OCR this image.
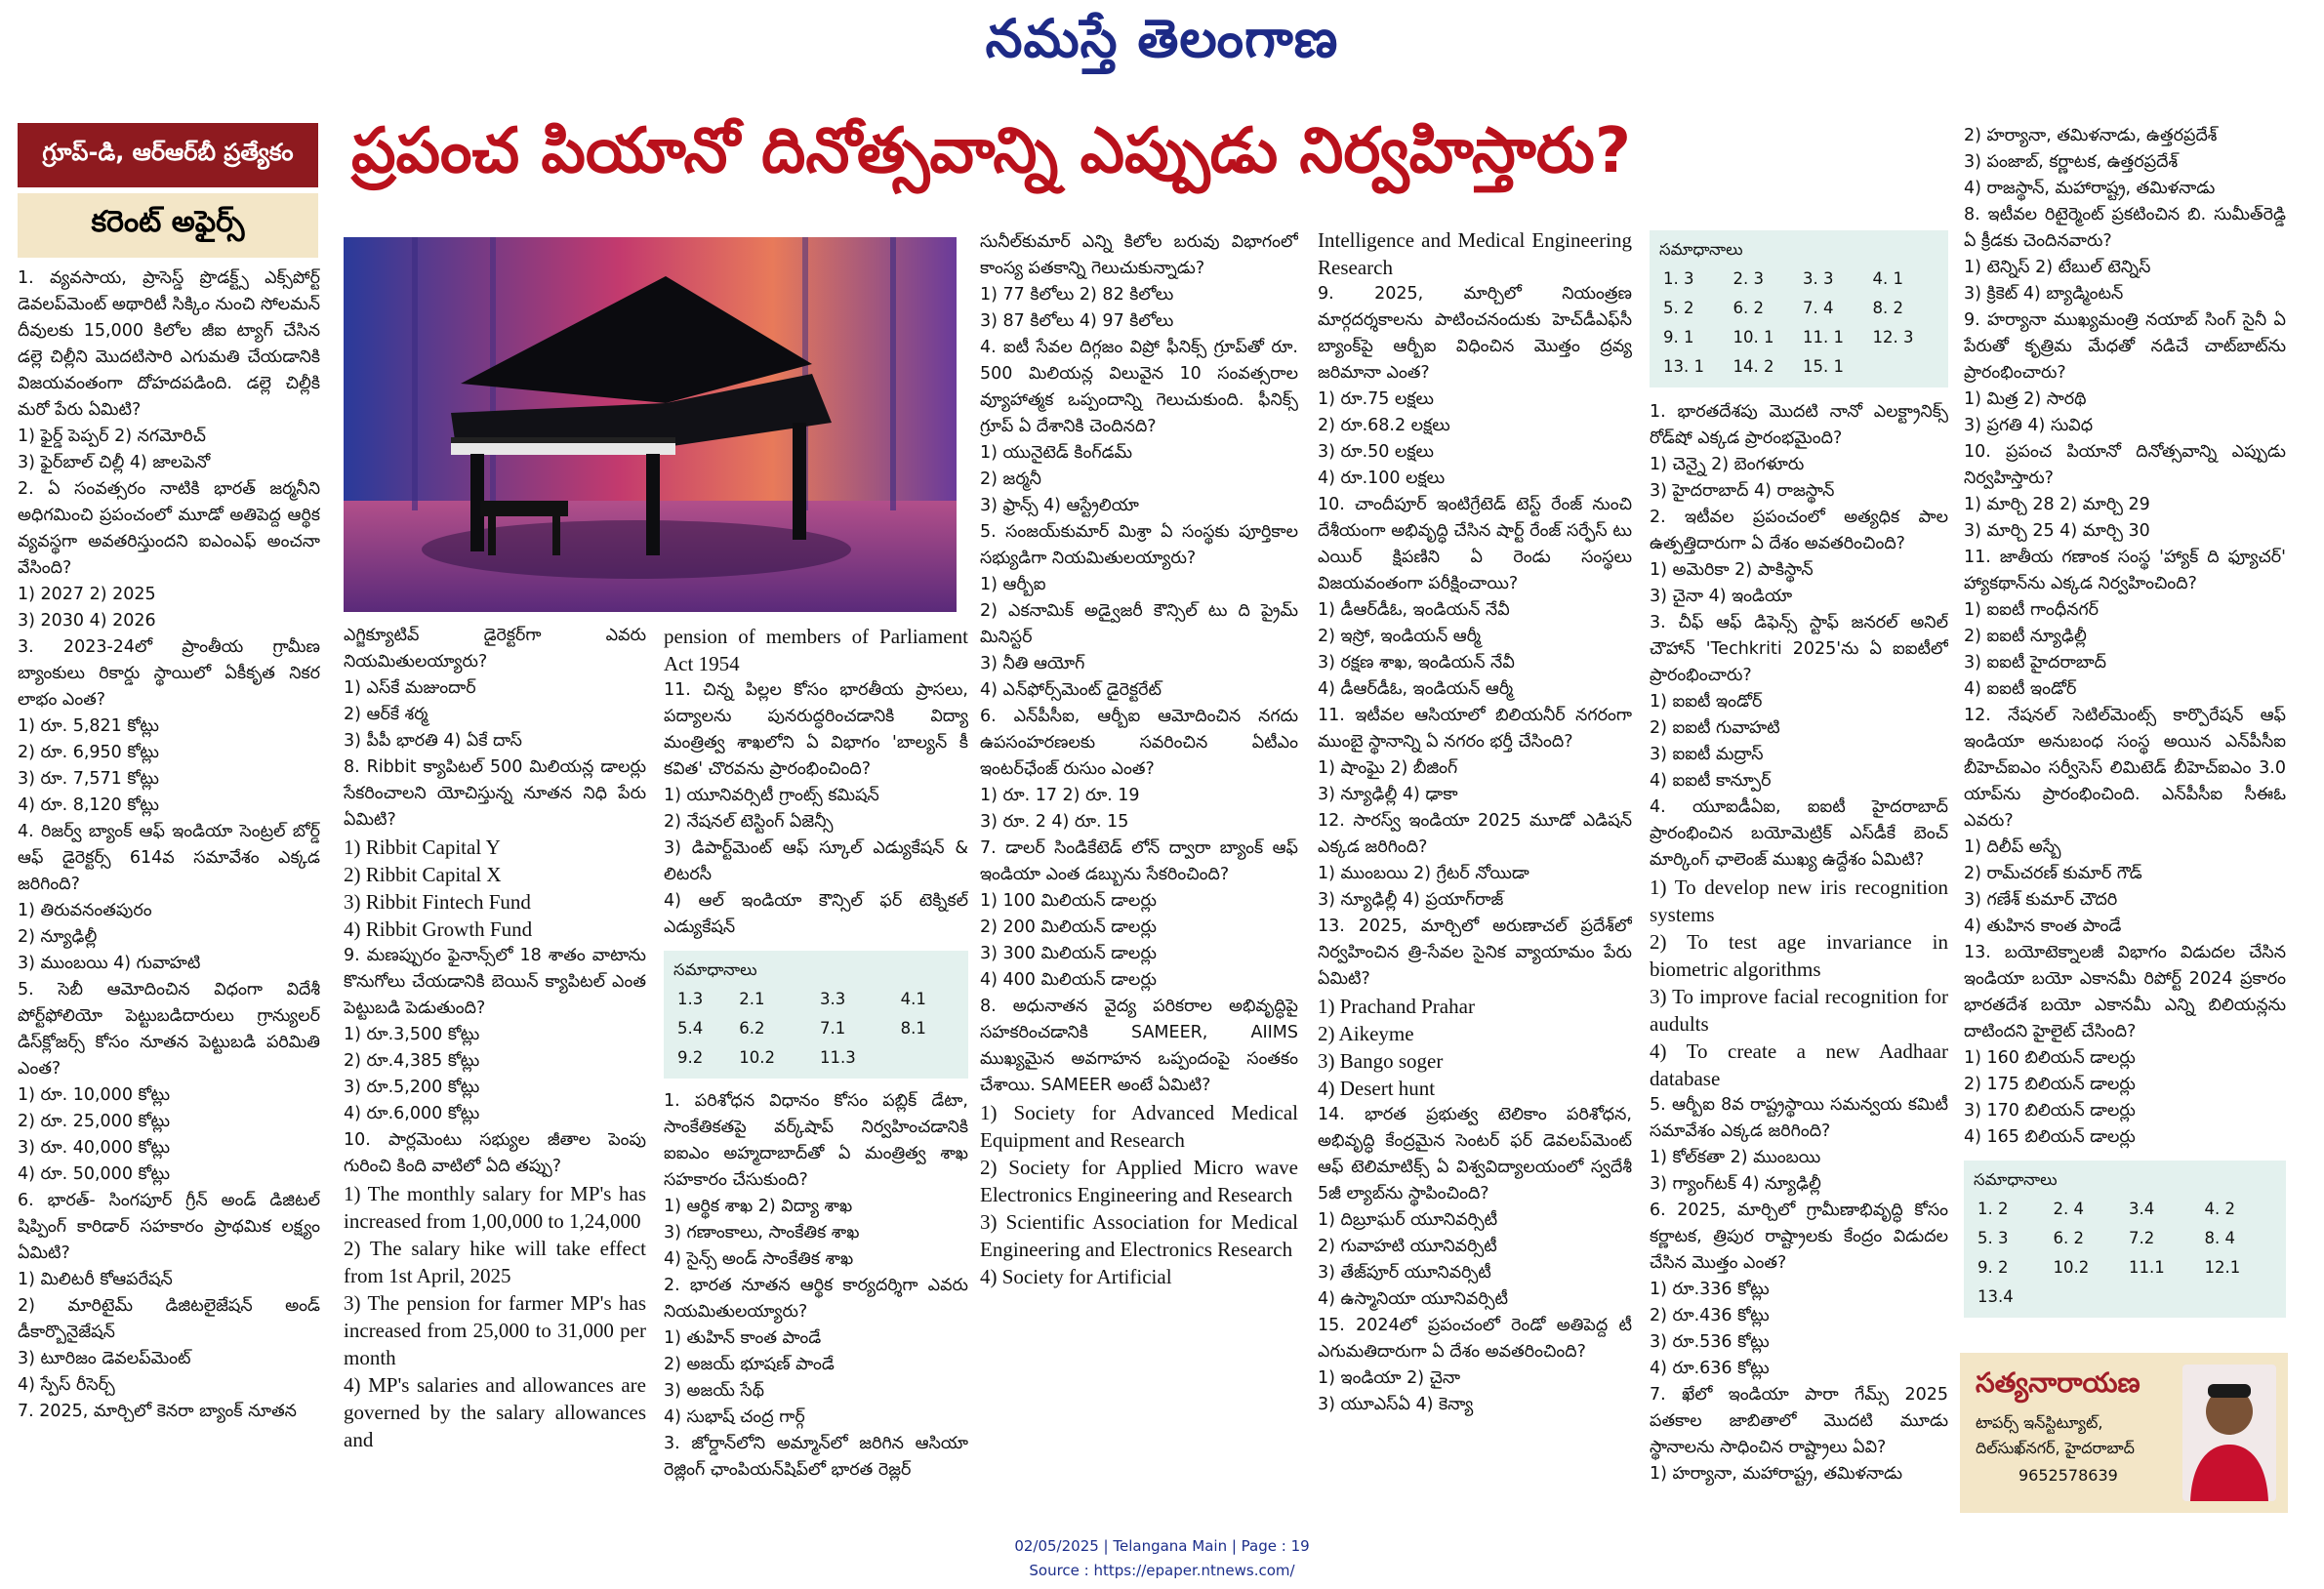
నమస్తే తెలంగాణ
ప్రపంచ పియానో దినోత్సవాన్ని ఎప్పుడు నిర్వహిస్తారు?
గ్రూప్-డి, ఆర్ఆర్‌బీ ప్రత్యేకం
కరెంట్ అఫైర్స్

1. వ్యవసాయ, ప్రాసెస్డ్ ప్రొడక్ట్స్ ఎక్స్‌పోర్ట్ డెవలప్‌మెంట్ అథారిటీ సిక్కిం నుంచి సోలమన్ దీవులకు 15,000 కిలోల జీఐ ట్యాగ్ చేసిన డల్లె చిల్లీని మొదటిసారి ఎగుమతి చేయడానికి విజయవంతంగా దోహదపడింది. డల్లె చిల్లీకి మరో పేరు ఏమిటి?

1) ఫైర్డ్ పెప్పర్ 2) నగమోరిచ్

3) ఫైర్‌బాల్ చిల్లీ 4) జాలపెనో

2. ఏ సంవత్సరం నాటికి భారత్ జర్మనీని అధిగమించి ప్రపంచంలో మూడో అతిపెద్ద ఆర్థిక వ్యవస్థగా అవతరిస్తుందని ఐఎంఎఫ్ అంచనా వేసింది?

1) 2027 2) 2025

3) 2030 4) 2026

3. 2023-24లో ప్రాంతీయ గ్రామీణ బ్యాంకులు రికార్డు స్థాయిలో ఏకీకృత నికర లాభం ఎంత?

1) రూ. 5,821 కోట్లు

2) రూ. 6,950 కోట్లు

3) రూ. 7,571 కోట్లు

4) రూ. 8,120 కోట్లు

4. రిజర్వ్ బ్యాంక్ ఆఫ్ ఇండియా సెంట్రల్ బోర్డ్ ఆఫ్ డైరెక్టర్స్ 614వ సమావేశం ఎక్కడ జరిగింది?

1) తిరువనంతపురం

2) న్యూఢిల్లీ

3) ముంబయి 4) గువాహటి

5. సెబీ ఆమోదించిన విధంగా విదేశీ పోర్ట్‌ఫోలియో పెట్టుబడిదారులు గ్రాన్యులర్ డిస్‌క్లోజర్స్ కోసం నూతన పెట్టుబడి పరిమితి ఎంత?

1) రూ. 10,000 కోట్లు

2) రూ. 25,000 కోట్లు

3) రూ. 40,000 కోట్లు

4) రూ. 50,000 కోట్లు

6. భారత్- సింగపూర్ గ్రీన్ అండ్ డిజిటల్ షిప్పింగ్ కారిడార్ సహకారం ప్రాథమిక లక్ష్యం ఏమిటి?

1) మిలిటరీ కోఆపరేషన్

2) మారిటైమ్ డిజిటలైజేషన్ అండ్ డీకార్బొనైజేషన్

3) టూరిజం డెవలప్‌మెంట్

4) స్పేస్ రీసెర్చ్

7. 2025, మార్చిలో కెనరా బ్యాంక్ నూతన

ఎగ్జిక్యూటివ్ డైరెక్టర్‌గా ఎవరు నియమితులయ్యారు?

1) ఎస్‌కే మజుందార్

2) ఆర్‌కే శర్మ

3) పీపీ భారతి 4) ఏకే దాస్

8. Ribbit క్యాపిటల్ 500 మిలియన్ల డాలర్లు సేకరించాలని యోచిస్తున్న నూతన నిధి పేరు ఏమిటి?

1) Ribbit Capital Y

2) Ribbit Capital X

3) Ribbit Fintech Fund

4) Ribbit Growth Fund

9. మణప్పురం ఫైనాన్స్‌లో 18 శాతం వాటాను కొనుగోలు చేయడానికి బెయిన్ క్యాపిటల్ ఎంత పెట్టుబడి పెడుతుంది?

1) రూ.3,500 కోట్లు

2) రూ.4,385 కోట్లు

3) రూ.5,200 కోట్లు

4) రూ.6,000 కోట్లు

10. పార్లమెంటు సభ్యుల జీతాల పెంపు గురించి కింది వాటిలో ఏది తప్పు?

1) The monthly salary for MP's has increased from 1,00,000 to 1,24,000

2) The salary hike will take effect from 1st April, 2025

3) The pension for farmer MP's has increased from 25,000 to 31,000 per month

4) MP's salaries and allowances are governed by the salary allowances and

pension of members of Parliament Act 1954

11. చిన్న పిల్లల కోసం భారతీయ ప్రాసలు, పద్యాలను పునరుద్ధరించడానికి విద్యా మంత్రిత్వ శాఖలోని ఏ విభాగం 'బాల్యన్ కీ కవిత' చొరవను ప్రారంభించింది?

1) యూనివర్సిటీ గ్రాంట్స్ కమిషన్

2) నేషనల్ టెస్టింగ్ ఏజెన్సీ

3) డిపార్ట్‌మెంట్ ఆఫ్ స్కూల్ ఎడ్యుకేషన్ & లిటరసీ

4) ఆల్ ఇండియా కౌన్సిల్ ఫర్ టెక్నికల్ ఎడ్యుకేషన్

సమాధానాలు
1.3	2.1	3.3	4.1
5.4	6.2	7.1	8.1
9.2	10.2	11.3	

1. పరిశోధన విధానం కోసం పబ్లిక్ డేటా, సాంకేతికతపై వర్క్‌షాప్ నిర్వహించడానికి ఐఐఎం అహ్మదాబాద్‌తో ఏ మంత్రిత్వ శాఖ సహకారం చేసుకుంది?

1) ఆర్థిక శాఖ 2) విద్యా శాఖ

3) గణాంకాలు, సాంకేతిక శాఖ

4) సైన్స్ అండ్ సాంకేతిక శాఖ

2. భారత నూతన ఆర్థిక కార్యదర్శిగా ఎవరు నియమితులయ్యారు?

1) తుహిన్ కాంత పాండే

2) అజయ్ భూషణ్ పాండే

3) అజయ్ సేథ్

4) సుభాష్ చంద్ర గార్గ్

3. జోర్డాన్‌లోని అమ్మాన్‌లో జరిగిన ఆసియా రెజ్లింగ్ ఛాంపియన్‌షిప్‌లో భారత రెజ్లర్

సునీల్‌కుమార్ ఎన్ని కిలోల బరువు విభాగంలో కాంస్య పతకాన్ని గెలుచుకున్నాడు?

1) 77 కిలోలు 2) 82 కిలోలు

3) 87 కిలోలు 4) 97 కిలోలు

4. ఐటీ సేవల దిగ్గజం విప్రో ఫీనిక్స్ గ్రూప్‌తో రూ. 500 మిలియన్ల విలువైన 10 సంవత్సరాల వ్యూహాత్మక ఒప్పందాన్ని గెలుచుకుంది. ఫీనిక్స్ గ్రూప్ ఏ దేశానికి చెందినది?

1) యునైటెడ్ కింగ్‌డమ్

2) జర్మనీ

3) ఫ్రాన్స్ 4) ఆస్ట్రేలియా

5. సంజయ్‌కుమార్ మిశ్రా ఏ సంస్థకు పూర్తికాల సభ్యుడిగా నియమితులయ్యారు?

1) ఆర్బీఐ

2) ఎకనామిక్ అడ్వైజరీ కౌన్సిల్ టు ది ప్రైమ్ మినిస్టర్

3) నీతి ఆయోగ్

4) ఎన్‌ఫోర్స్‌మెంట్ డైరెక్టరేట్

6. ఎన్‌పీసీఐ, ఆర్బీఐ ఆమోదించిన నగదు ఉపసంహరణలకు సవరించిన ఏటీఎం ఇంటర్‌ఛేంజ్ రుసుం ఎంత?

1) రూ. 17 2) రూ. 19

3) రూ. 2 4) రూ. 15

7. డాలర్ సిండికేటెడ్ లోన్ ద్వారా బ్యాంక్ ఆఫ్ ఇండియా ఎంత డబ్బును సేకరించింది?

1) 100 మిలియన్ డాలర్లు

2) 200 మిలియన్ డాలర్లు

3) 300 మిలియన్ డాలర్లు

4) 400 మిలియన్ డాలర్లు

8. అధునాతన వైద్య పరికరాల అభివృద్ధిపై సహకరించడానికి SAMEER, AIIMS ముఖ్యమైన అవగాహన ఒప్పందంపై సంతకం చేశాయి. SAMEER అంటే ఏమిటి?

1) Society for Advanced Medical Equipment and Research

2) Society for Applied Micro wave Electronics Engineering and Research

3) Scientific Association for Medical Engineering and Electronics Research

4) Society for Artificial

Intelligence and Medical Engineering Research

9. 2025, మార్చిలో నియంత్రణ మార్గదర్శకాలను పాటించనందుకు హెచ్‌డీఎఫ్‌సీ బ్యాంక్‌పై ఆర్బీఐ విధించిన మొత్తం ద్రవ్య జరిమానా ఎంత?

1) రూ.75 లక్షలు

2) రూ.68.2 లక్షలు

3) రూ.50 లక్షలు

4) రూ.100 లక్షలు

10. చాందీపూర్ ఇంటిగ్రేటెడ్ టెస్ట్ రేంజ్ నుంచి దేశీయంగా అభివృద్ధి చేసిన షార్ట్ రేంజ్ సర్ఫేస్ టు ఎయిర్ క్షిపణిని ఏ రెండు సంస్థలు విజయవంతంగా పరీక్షించాయి?

1) డీఆర్‌డీఓ, ఇండియన్ నేవీ

2) ఇస్రో, ఇండియన్ ఆర్మీ

3) రక్షణ శాఖ, ఇండియన్ నేవీ

4) డీఆర్‌డీఓ, ఇండియన్ ఆర్మీ

11. ఇటీవల ఆసియాలో బిలియనీర్ నగరంగా ముంబై స్థానాన్ని ఏ నగరం భర్తీ చేసింది?

1) షాంఘై 2) బీజింగ్

3) న్యూఢిల్లీ 4) ఢాకా

12. సారస్వ్ ఇండియా 2025 మూడో ఎడిషన్ ఎక్కడ జరిగింది?

1) ముంబయి 2) గ్రేటర్ నోయిడా

3) న్యూఢిల్లీ 4) ప్రయాగ్‌రాజ్

13. 2025, మార్చిలో అరుణాచల్ ప్రదేశ్‌లో నిర్వహించిన త్రి-సేవల సైనిక వ్యాయామం పేరు ఏమిటి?

1) Prachand Prahar

2) Aikeyme

3) Bango soger

4) Desert hunt

14. భారత ప్రభుత్వ టెలికాం పరిశోధన, అభివృద్ధి కేంద్రమైన సెంటర్ ఫర్ డెవలప్‌మెంట్ ఆఫ్ టెలిమాటిక్స్ ఏ విశ్వవిద్యాలయంలో స్వదేశీ 5జీ ల్యాబ్‌ను స్థాపించింది?

1) దిబ్రూఘర్ యూనివర్సిటీ

2) గువాహటి యూనివర్సిటీ

3) తేజ్‌పూర్ యూనివర్సిటీ

4) ఉస్మానియా యూనివర్సిటీ

15. 2024లో ప్రపంచంలో రెండో అతిపెద్ద టీ ఎగుమతిదారుగా ఏ దేశం అవతరించింది?

1) ఇండియా 2) చైనా

3) యూఎస్ఏ 4) కెన్యా

సమాధానాలు
1. 3	2. 3	3. 3	4. 1
5. 2	6. 2	7. 4	8. 2
9. 1	10. 1	11. 1	12. 3
13. 1	14. 2	15. 1	

1. భారతదేశపు మొదటి నానో ఎలక్ట్రానిక్స్ రోడ్‌షో ఎక్కడ ప్రారంభమైంది?

1) చెన్నై 2) బెంగళూరు

3) హైదరాబాద్ 4) రాజస్థాన్

2. ఇటీవల ప్రపంచంలో అత్యధిక పాల ఉత్పత్తిదారుగా ఏ దేశం అవతరించింది?

1) అమెరికా 2) పాకిస్థాన్

3) చైనా 4) ఇండియా

3. చీఫ్ ఆఫ్ డిఫెన్స్ స్టాఫ్ జనరల్ అనిల్ చౌహాన్ 'Techkriti 2025'ను ఏ ఐఐటీలో ప్రారంభించారు?

1) ఐఐటీ ఇండోర్

2) ఐఐటీ గువాహటి

3) ఐఐటీ మద్రాస్

4) ఐఐటీ కాన్పూర్

4. యూఐడీఏఐ, ఐఐటీ హైదరాబాద్ ప్రారంభించిన బయోమెట్రిక్ ఎస్‌డీకే బెంచ్ మార్కింగ్ ఛాలెంజ్ ముఖ్య ఉద్దేశం ఏమిటి?

1) To develop new iris recognition systems

2) To test age invariance in biometric algorithms

3) To improve facial recognition for audults

4) To create a new Aadhaar database

5. ఆర్బీఐ 8వ రాష్ట్రస్థాయి సమన్వయ కమిటీ సమావేశం ఎక్కడ జరిగింది?

1) కోల్‌కతా 2) ముంబయి

3) గ్యాంగ్‌టక్ 4) న్యూఢిల్లీ

6. 2025, మార్చిలో గ్రామీణాభివృద్ధి కోసం కర్ణాటక, త్రిపుర రాష్ట్రాలకు కేంద్రం విడుదల చేసిన మొత్తం ఎంత?

1) రూ.336 కోట్లు

2) రూ.436 కోట్లు

3) రూ.536 కోట్లు

4) రూ.636 కోట్లు

7. ఖేలో ఇండియా పారా గేమ్స్ 2025 పతకాల జాబితాలో మొదటి మూడు స్థానాలను సాధించిన రాష్ట్రాలు ఏవి?

1) హర్యానా, మహారాష్ట్ర, తమిళనాడు

2) హర్యానా, తమిళనాడు, ఉత్తరప్రదేశ్

3) పంజాబ్, కర్ణాటక, ఉత్తరప్రదేశ్

4) రాజస్థాన్, మహారాష్ట్ర, తమిళనాడు

8. ఇటీవల రిటైర్మెంట్ ప్రకటించిన బి. సుమీత్‌రెడ్డి ఏ క్రీడకు చెందినవారు?

1) టెన్నిస్ 2) టేబుల్ టెన్నిస్

3) క్రికెట్ 4) బ్యాడ్మింటన్

9. హర్యానా ముఖ్యమంత్రి నయాబ్ సింగ్ సైనీ ఏ పేరుతో కృత్రిమ మేధతో నడిచే చాట్‌బాట్‌ను ప్రారంభించారు?

1) మిత్ర 2) సారథి

3) ప్రగతి 4) సువిధ

10. ప్రపంచ పియానో దినోత్సవాన్ని ఎప్పుడు నిర్వహిస్తారు?

1) మార్చి 28 2) మార్చి 29

3) మార్చి 25 4) మార్చి 30

11. జాతీయ గణాంక సంస్థ 'హ్యాక్ ది ఫ్యూచర్' హ్యాకథాన్‌ను ఎక్కడ నిర్వహించింది?

1) ఐఐటీ గాంధీనగర్

2) ఐఐటీ న్యూఢిల్లీ

3) ఐఐటీ హైదరాబాద్

4) ఐఐటీ ఇండోర్

12. నేషనల్ సెటిల్‌మెంట్స్ కార్పొరేషన్ ఆఫ్ ఇండియా అనుబంధ సంస్థ అయిన ఎన్‌పీసీఐ బీహెచ్ఐఎం సర్వీసెస్ లిమిటెడ్ బీహెచ్ఐఎం 3.0 యాప్‌ను ప్రారంభించింది. ఎన్‌పీసీఐ సీఈఓ ఎవరు?

1) దిలీప్ అస్బే

2) రామ్‌చరణ్ కుమార్ గౌడ్

3) గణేశ్ కుమార్ చౌదరి

4) తుహిన కాంత పాండే

13. బయోటెక్నాలజీ విభాగం విడుదల చేసిన ఇండియా బయో ఎకానమీ రిపోర్ట్ 2024 ప్రకారం భారతదేశ బయో ఎకానమీ ఎన్ని బిలియన్లను దాటిందని హైలైట్ చేసింది?

1) 160 బిలియన్ డాలర్లు

2) 175 బిలియన్ డాలర్లు

3) 170 బిలియన్ డాలర్లు

4) 165 బిలియన్ డాలర్లు

సమాధానాలు
1. 2	2. 4	3.4	4. 2
5. 3	6. 2	7.2	8. 4
9. 2	10.2	11.1	12.1
13.4			
సత్యనారాయణ
టాపర్స్ ఇన్‌స్టిట్యూట్,
దిల్‌సుఖ్‌నగర్, హైదరాబాద్
9652578639
02/05/2025 | Telangana Main | Page : 19
Source : https://epaper.ntnews.com/
